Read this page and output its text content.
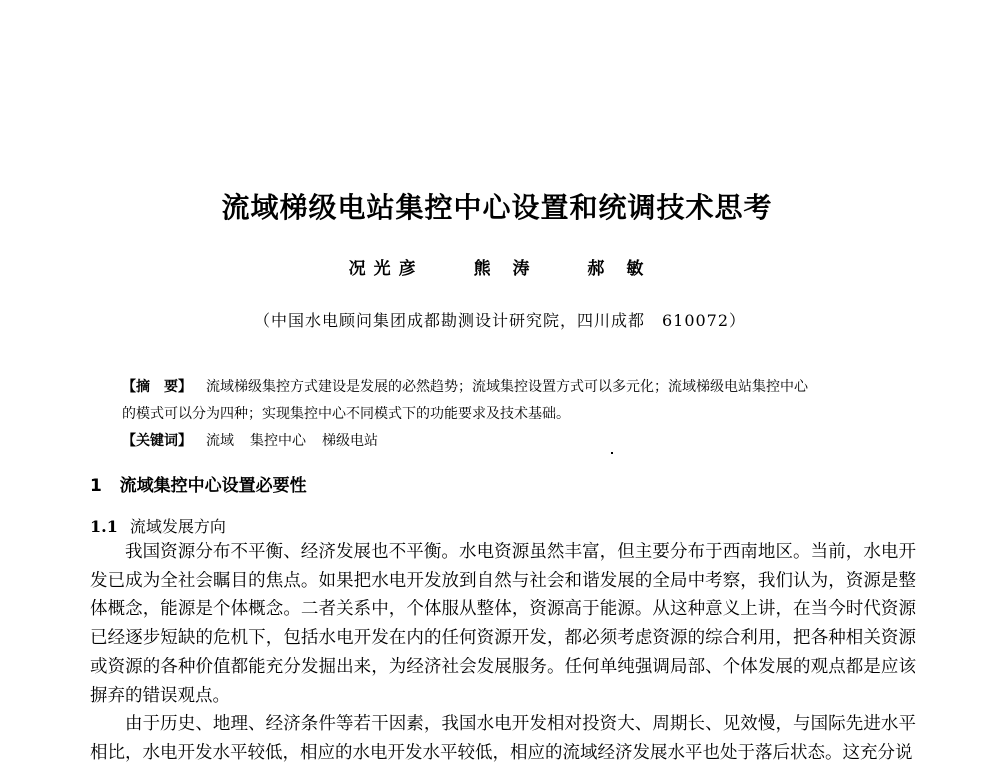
流域梯级电站集控中心设置和统调技术思考
况光彦	熊 涛	郝 敏
（中国水电顾问集团成都勘测设计研究院，四川成都　610072）
【摘　要】 流域梯级集控方式建设是发展的必然趋势；流域集控设置方式可以多元化；流域梯级电站集控中心
的模式可以分为四种；实现集控中心不同模式下的功能要求及技术基础。
【关键词】 流域 集控中心 梯级电站
1 流域集控中心设置必要性
1.1 流域发展方向

我国资源分布不平衡、经济发展也不平衡。水电资源虽然丰富，但主要分布于西南地区。当前，水电开发已成为全社会瞩目的焦点。如果把水电开发放到自然与社会和谐发展的全局中考察，我们认为，资源是整体概念，能源是个体概念。二者关系中，个体服从整体，资源高于能源。从这种意义上讲，在当今时代资源已经逐步短缺的危机下，包括水电开发在内的任何资源开发，都必须考虑资源的综合利用，把各种相关资源或资源的各种价值都能充分发掘出来，为经济社会发展服务。任何单纯强调局部、个体发展的观点都是应该摒弃的错误观点。

由于历史、地理、经济条件等若干因素，我国水电开发相对投资大、周期长、见效慢，与国际先进水平相比，水电开发水平较低，相应的水电开发水平较低，相应的流域经济发展水平也处于落后状态。这充分说
